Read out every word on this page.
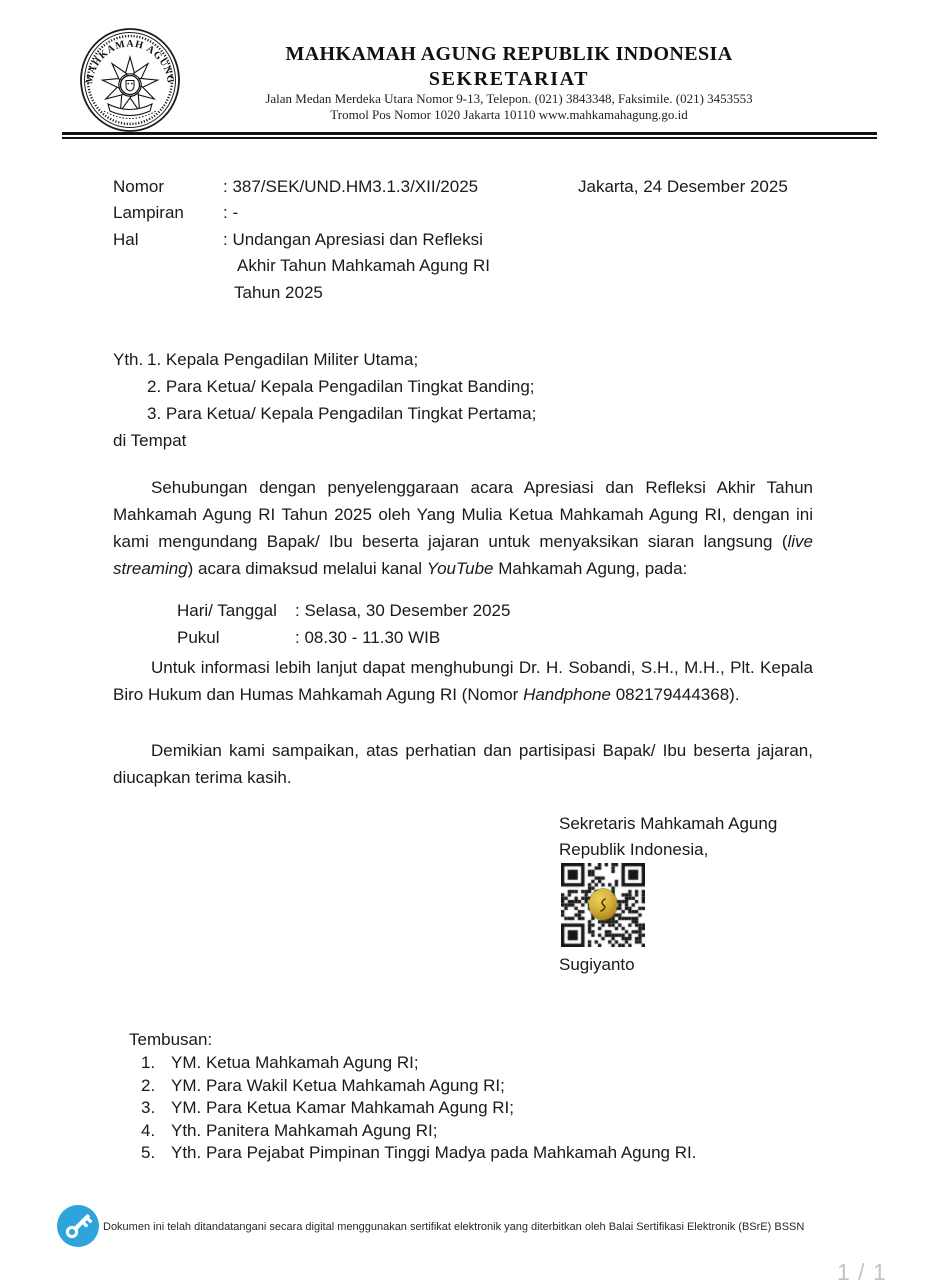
MAHKAMAH AGUNG
MAHKAMAH AGUNG REPUBLIK INDONESIA
SEKRETARIAT
Jalan Medan Merdeka Utara Nomor 9-13, Telepon. (021) 3843348, Faksimile. (021) 3453553
Tromol Pos Nomor 1020 Jakarta 10110 www.mahkamahagung.go.id
Nomor	: 387/SEK/UND.HM3.1.3/XII/2025	Jakarta, 24 Desember 2025
Lampiran	: -
Hal	: Undangan Apresiasi dan Refleksi
Akhir Tahun Mahkamah Agung RI
Tahun 2025
Yth. 1. Kepala Pengadilan Militer Utama;
2. Para Ketua/ Kepala Pengadilan Tingkat Banding;
3. Para Ketua/ Kepala Pengadilan Tingkat Pertama;
di Tempat
Sehubungan dengan penyelenggaraan acara Apresiasi dan Refleksi Akhir Tahun Mahkamah Agung RI Tahun 2025 oleh Yang Mulia Ketua Mahkamah Agung RI, dengan ini kami mengundang Bapak/ Ibu beserta jajaran untuk menyaksikan siaran langsung (live streaming) acara dimaksud melalui kanal YouTube Mahkamah Agung, pada:
Hari/ Tanggal	: Selasa, 30 Desember 2025
Pukul	: 08.30 - 11.30 WIB
Untuk informasi lebih lanjut dapat menghubungi Dr. H. Sobandi, S.H., M.H., Plt. Kepala Biro Hukum dan Humas Mahkamah Agung RI (Nomor Handphone 082179444368).
Demikian kami sampaikan, atas perhatian dan partisipasi Bapak/ Ibu beserta jajaran, diucapkan terima kasih.
Sekretaris Mahkamah Agung
Republik Indonesia,
Sugiyanto
Tembusan:
1. YM. Ketua Mahkamah Agung RI;
2. YM. Para Wakil Ketua Mahkamah Agung RI;
3. YM. Para Ketua Kamar Mahkamah Agung RI;
4. Yth. Panitera Mahkamah Agung RI;
5. Yth. Para Pejabat Pimpinan Tinggi Madya pada Mahkamah Agung RI.
Dokumen ini telah ditandatangani secara digital menggunakan sertifikat elektronik yang diterbitkan oleh Balai Sertifikasi Elektronik (BSrE) BSSN
1 / 1
